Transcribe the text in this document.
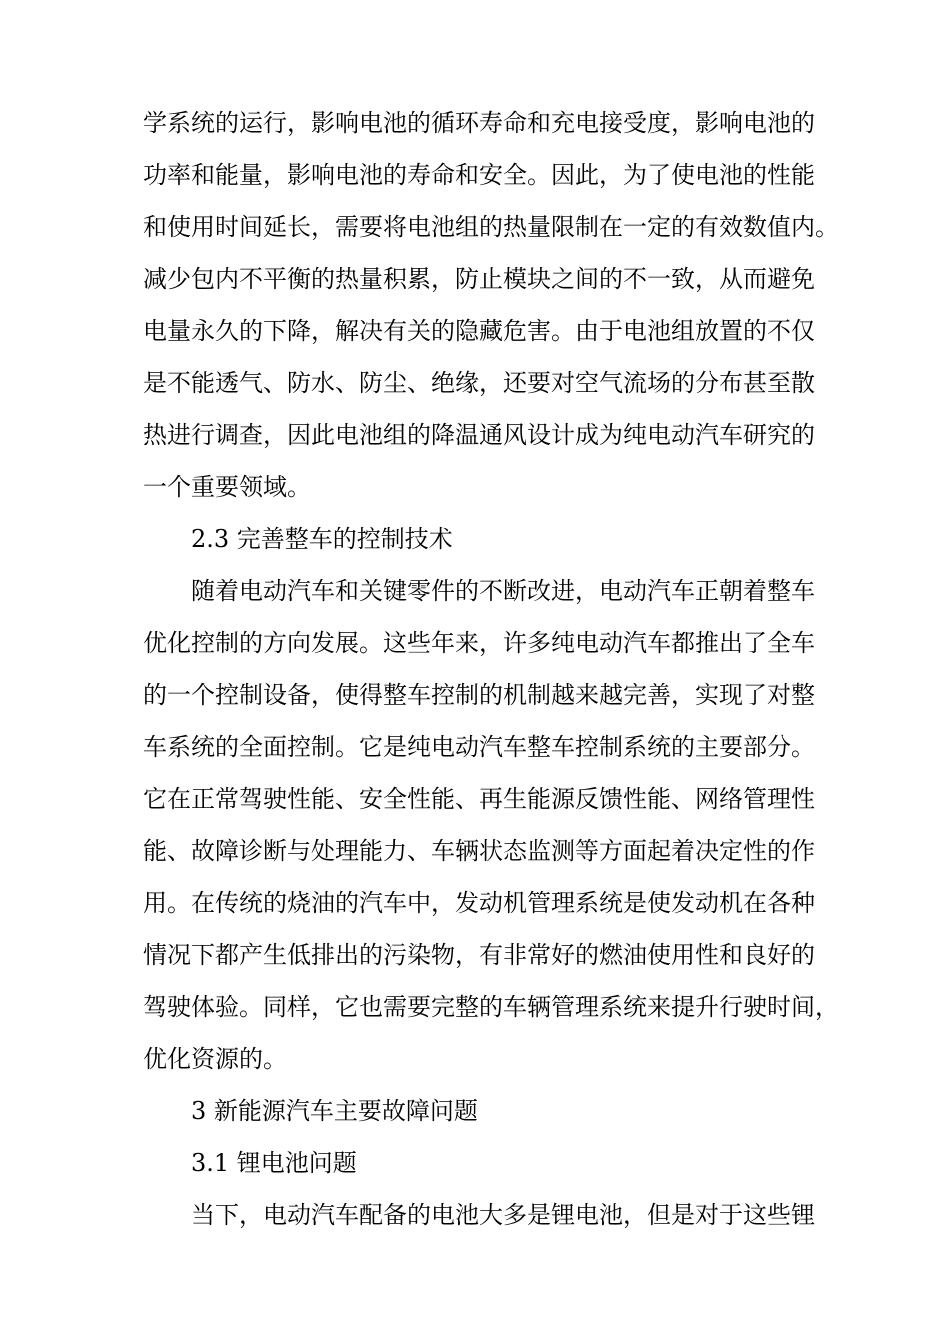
学系统的运行，影响电池的循环寿命和充电接受度，影响电池的
功率和能量，影响电池的寿命和安全。因此，为了使电池的性能
和使用时间延长，需要将电池组的热量限制在一定的有效数值内。
减少包内不平衡的热量积累，防止模块之间的不一致，从而避免
电量永久的下降，解决有关的隐藏危害。由于电池组放置的不仅
是不能透气、防水、防尘、绝缘，还要对空气流场的分布甚至散
热进行调查，因此电池组的降温通风设计成为纯电动汽车研究的
一个重要领域。
2.3 完善整车的控制技术
随着电动汽车和关键零件的不断改进，电动汽车正朝着整车
优化控制的方向发展。这些年来，许多纯电动汽车都推出了全车
的一个控制设备，使得整车控制的机制越来越完善，实现了对整
车系统的全面控制。它是纯电动汽车整车控制系统的主要部分。
它在正常驾驶性能、安全性能、再生能源反馈性能、网络管理性
能、故障诊断与处理能力、车辆状态监测等方面起着决定性的作
用。在传统的烧油的汽车中，发动机管理系统是使发动机在各种
情况下都产生低排出的污染物，有非常好的燃油使用性和良好的
驾驶体验。同样，它也需要完整的车辆管理系统来提升行驶时间，
优化资源的。
3 新能源汽车主要故障问题
3.1 锂电池问题
当下，电动汽车配备的电池大多是锂电池，但是对于这些锂
